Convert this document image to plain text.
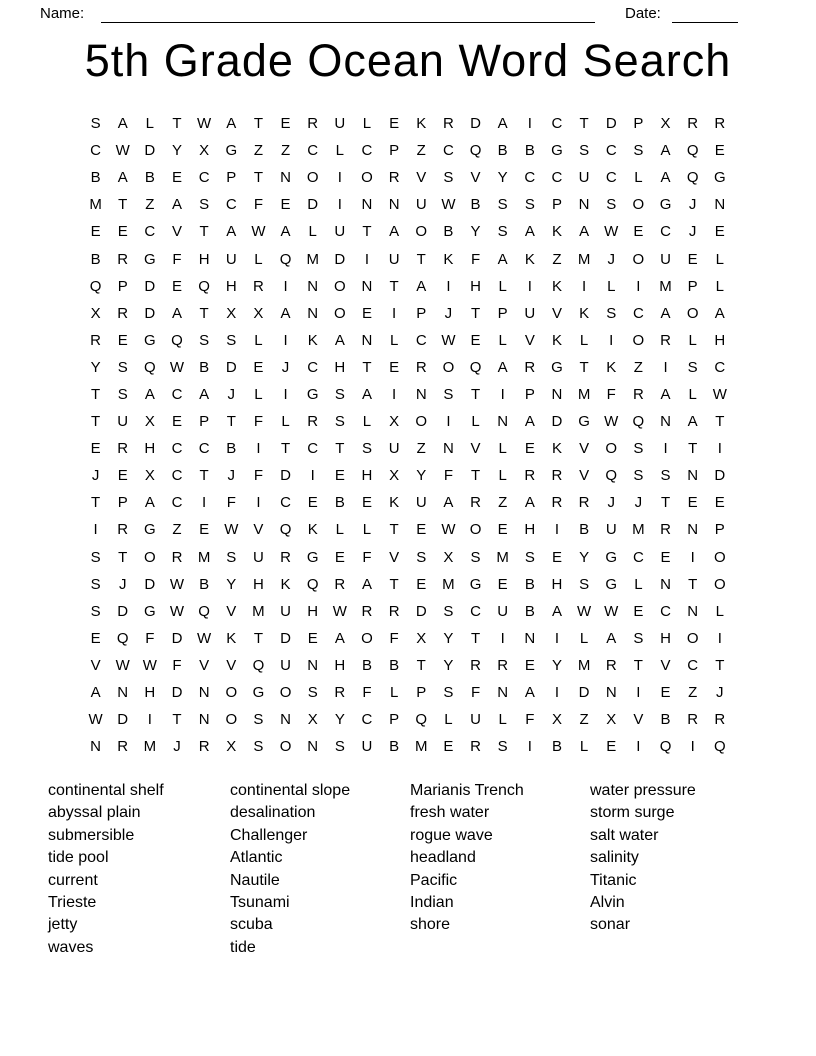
Name:	Date:
5th Grade Ocean Word Search
S	A	L	T	W	A	T	E	R	U	L	E	K	R	D	A	I	C	T	D	P	X	R	R
C W D	Y	X	G	Z	Z	C	L	C	P	Z	C	Q	B	B	G	S	C	S	A	Q	E
B	A	B	E	C	P	T	N	O	I	O	R	V	S	V	Y	C	C	U	C	L	A	Q	G
M	T	Z	A	S	C	F	E	D	I	N	N	U W	B	S	S	P	N	S	O	G	J	N
E	E	C	V	T	A	W	A	L	U	T	A	O	B	Y	S	A	K	A	W	E	C	J	E
B	R	G	F	H	U	L	Q	M	D	I	U	T	K	F	A	K	Z	M	J	O	U	E	L
Q	P	D	E	Q	H	R	I	N	O	N	T	A	I	H	L	I	K	I	L	I	M	P	L
X	R	D	A	T	X	X	A	N	O	E	I	P	J	T	P	U	V	K	S	C	A	O	A
R	E	G	Q	S	S	L	I	K	A	N	L	C W	E	L	V	K	L	I	O	R	L	H
Y	S	Q W	B	D	E	J	C	H	T	E	R	O	Q	A	R	G	T	K	Z	I	S	C
T	S	A	C	A	J	L	I	G	S	A	I	N	S	T	I	P	N	M	F	R	A	L	W
T	U	X	E	P	T	F	L	R	S	L	X	O	I	L	N	A	D	G W Q	N	A	T
E	R	H	C	C	B	I	T	C	T	S	U	Z	N	V	L	E	K	V	O	S	I	T	I
J	E	X	C	T	J	F	D	I	E	H	X	Y	F	T	L	R	R	V	Q	S	S	N	D
T	P	A	C	I	F	I	C	E	B	E	K	U	A	R	Z	A	R	R	J	J	T	E	E
I	R	G	Z	E	W	V	Q	K	L	L	T	E	W O	E	H	I	B	U	M	R	N	P
S	T	O	R	M	S	U	R	G	E	F	V	S	X	S	M	S	E	Y	G	C	E	I	O
S	J	D W	B	Y	H	K	Q	R	A	T	E	M	G	E	B	H	S	G	L	N	T	O
S	D	G W Q	V	M	U	H W R	R	D	S	C	U	B	A	W W	E	C	N	L
E	Q	F	D W	K	T	D	E	A	O	F	X	Y	T	I	N	I	L	A	S	H	O	I
V	W W	F	V	V	Q	U	N	H	B	B	T	Y	R	R	E	Y	M	R	T	V	C	T
A	N	H	D	N	O	G	O	S	R	F	L	P	S	F	N	A	I	D	N	I	E	Z	J
W D	I	T	N	O	S	N	X	Y	C	P	Q	L	U	L	F	X	Z	X	V	B	R	R
N	R	M	J	R	X	S	O	N	S	U	B	M	E	R	S	I	B	L	E	I	Q	I	Q
continental shelf
abyssal plain
submersible
tide pool
current
Trieste
jetty
waves
continental slope
desalination
Challenger
Atlantic
Nautile
Tsunami
scuba
tide
Marianis Trench
fresh water
rogue wave
headland
Pacific
Indian
shore
water pressure
storm surge
salt water
salinity
Titanic
Alvin
sonar
